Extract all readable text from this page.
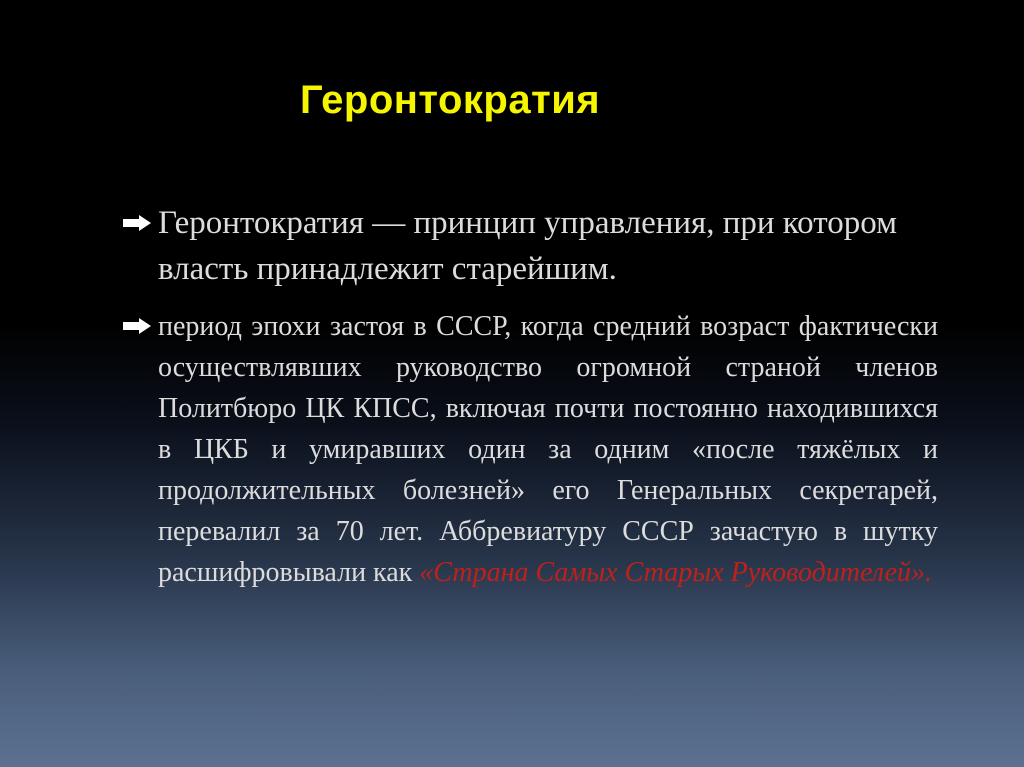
Геронтократия
Геронтократия — принцип управления, при котором власть принадлежит старейшим.
период эпохи застоя в СССР, когда средний возраст фактически осуществлявших руководство огромной страной членов Политбюро ЦК КПСС, включая почти постоянно находившихся в ЦКБ и умиравших один за одним «после тяжёлых и продолжительных болезней» его Генеральных секретарей, перевалил за 70 лет. Аббревиатуру СССР зачастую в шутку расшифровывали как «Страна Самых Старых Руководителей».
